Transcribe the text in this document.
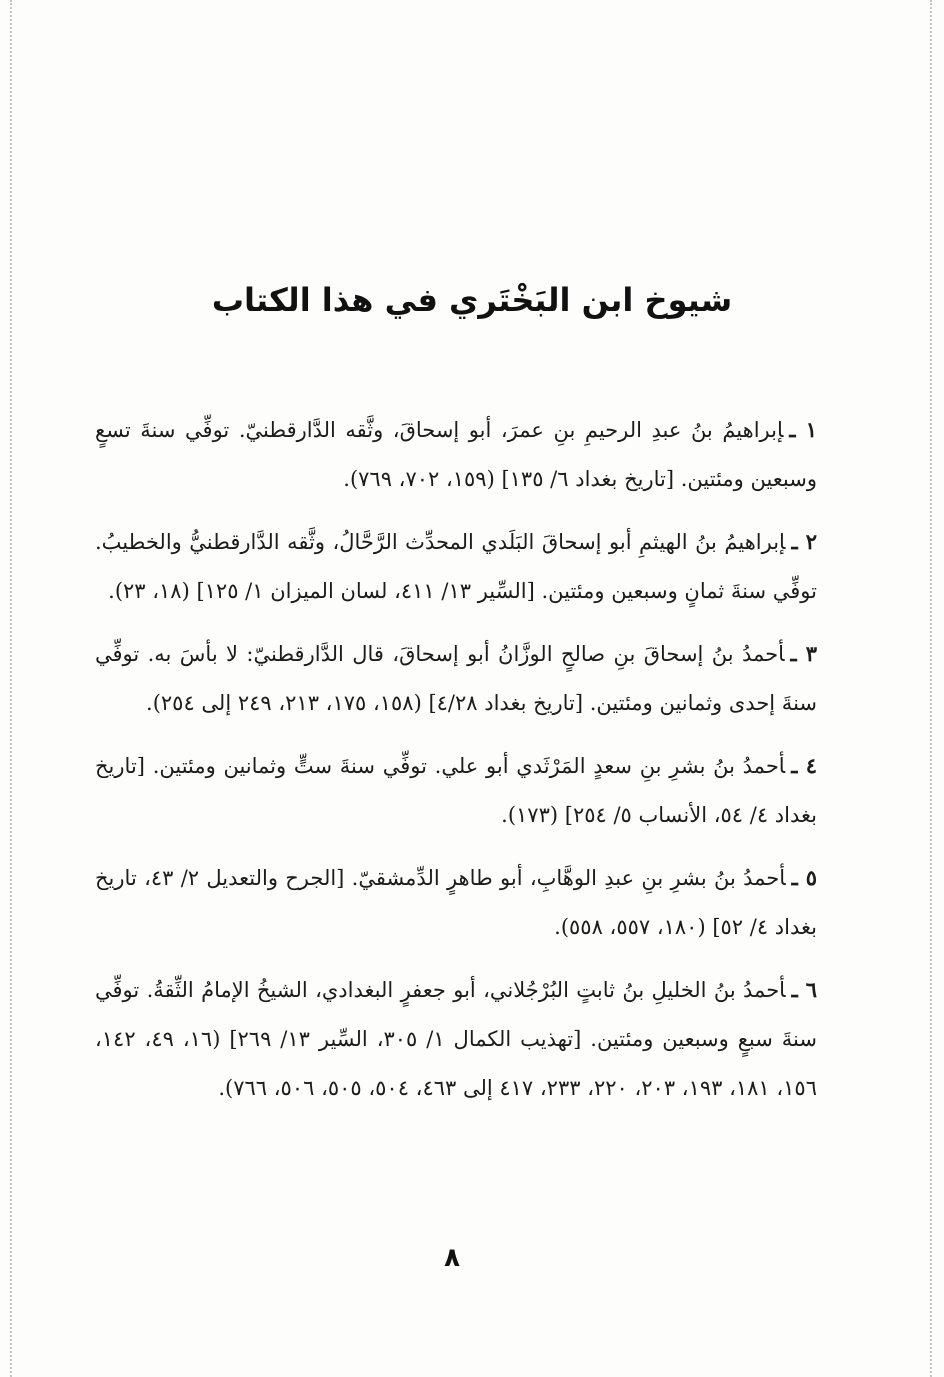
شيوخ ابن البَخْتَري في هذا الكتاب

١ ـإبراهيمُ بنُ عبدِ الرحيمِ بنِ عمرَ، أبو إسحاقَ، وثَّقه الدَّارقطنيّ. توفِّي سنةَ تسعٍ وسبعين ومئتين. [تاريخ بغداد ٦/ ١٣٥] (١٥٩، ٧٠٢، ٧٦٩).

٢ ـإبراهيمُ بنُ الهيثمِ أبو إسحاقَ البَلَدي المحدِّث الرَّحَّالُ، وثَّقه الدَّارقطنيُّ والخطيبُ. توفِّي سنةَ ثمانٍ وسبعين ومئتين. [السِّير ١٣/ ٤١١، لسان الميزان ١/ ١٢٥] (١٨، ٢٣).

٣ ـأحمدُ بنُ إسحاقَ بنِ صالحٍ الوزَّانُ أبو إسحاقَ، قال الدَّارقطنيّ: لا بأسَ به. توفِّي سنةَ إحدى وثمانين ومئتين. [تاريخ بغداد ٤/٢٨] (١٥٨، ١٧٥، ٢١٣، ٢٤٩ إلى ٢٥٤).

٤ ـأحمدُ بنُ بشرِ بنِ سعدٍ المَرْثَدي أبو علي. توفِّي سنةَ ستٍّ وثمانين ومئتين. [تاريخ بغداد ٤/ ٥٤، الأنساب ٥/ ٢٥٤] (١٧٣).

٥ ـأحمدُ بنُ بشرِ بنِ عبدِ الوهَّابِ، أبو طاهرٍ الدِّمشقيّ. [الجرح والتعديل ٢/ ٤٣، تاريخ بغداد ٤/ ٥٢] (١٨٠، ٥٥٧، ٥٥٨).

٦ ـأحمدُ بنُ الخليلِ بنُ ثابتٍ البُرْجُلاني، أبو جعفرٍ البغدادي، الشيخُ الإمامُ الثِّقةُ. توفِّي سنةَ سبعٍ وسبعين ومئتين. [تهذيب الكمال ١/ ٣٠٥، السِّير ١٣/ ٢٦٩] (١٦، ٤٩، ١٤٢، ١٥٦، ١٨١، ١٩٣، ٢٠٣، ٢٢٠، ٢٣٣، ٤١٧ إلى ٤٦٣، ٥٠٤، ٥٠٥، ٥٠٦، ٧٦٦).

٨
